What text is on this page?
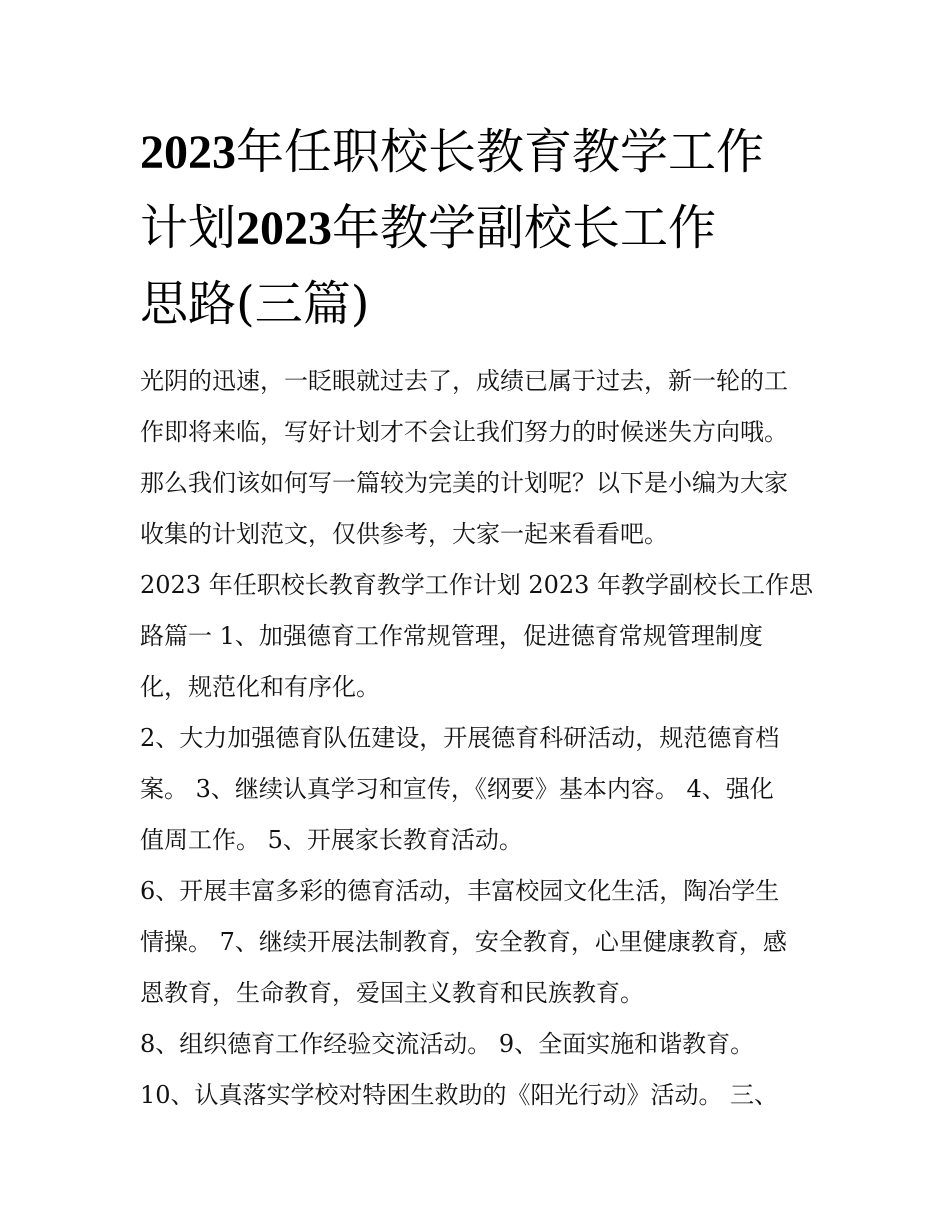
2023年任职校长教育教学工作
计划2023年教学副校长工作
思路(三篇)
光阴的迅速，一眨眼就过去了，成绩已属于过去，新一轮的工
作即将来临，写好计划才不会让我们努力的时候迷失方向哦。
那么我们该如何写一篇较为完美的计划呢？以下是小编为大家
收集的计划范文，仅供参考，大家一起来看看吧。
2023 年任职校长教育教学工作计划 2023 年教学副校长工作思
路篇一 1、加强德育工作常规管理，促进德育常规管理制度
化，规范化和有序化。
2、大力加强德育队伍建设，开展德育科研活动，规范德育档
案。 3、继续认真学习和宣传，《纲要》基本内容。 4、强化
值周工作。 5、开展家长教育活动。
6、开展丰富多彩的德育活动，丰富校园文化生活，陶冶学生
情操。 7、继续开展法制教育，安全教育，心里健康教育，感
恩教育，生命教育，爱国主义教育和民族教育。
8、组织德育工作经验交流活动。 9、全面实施和谐教育。
10、认真落实学校对特困生救助的《阳光行动》活动。 三、
